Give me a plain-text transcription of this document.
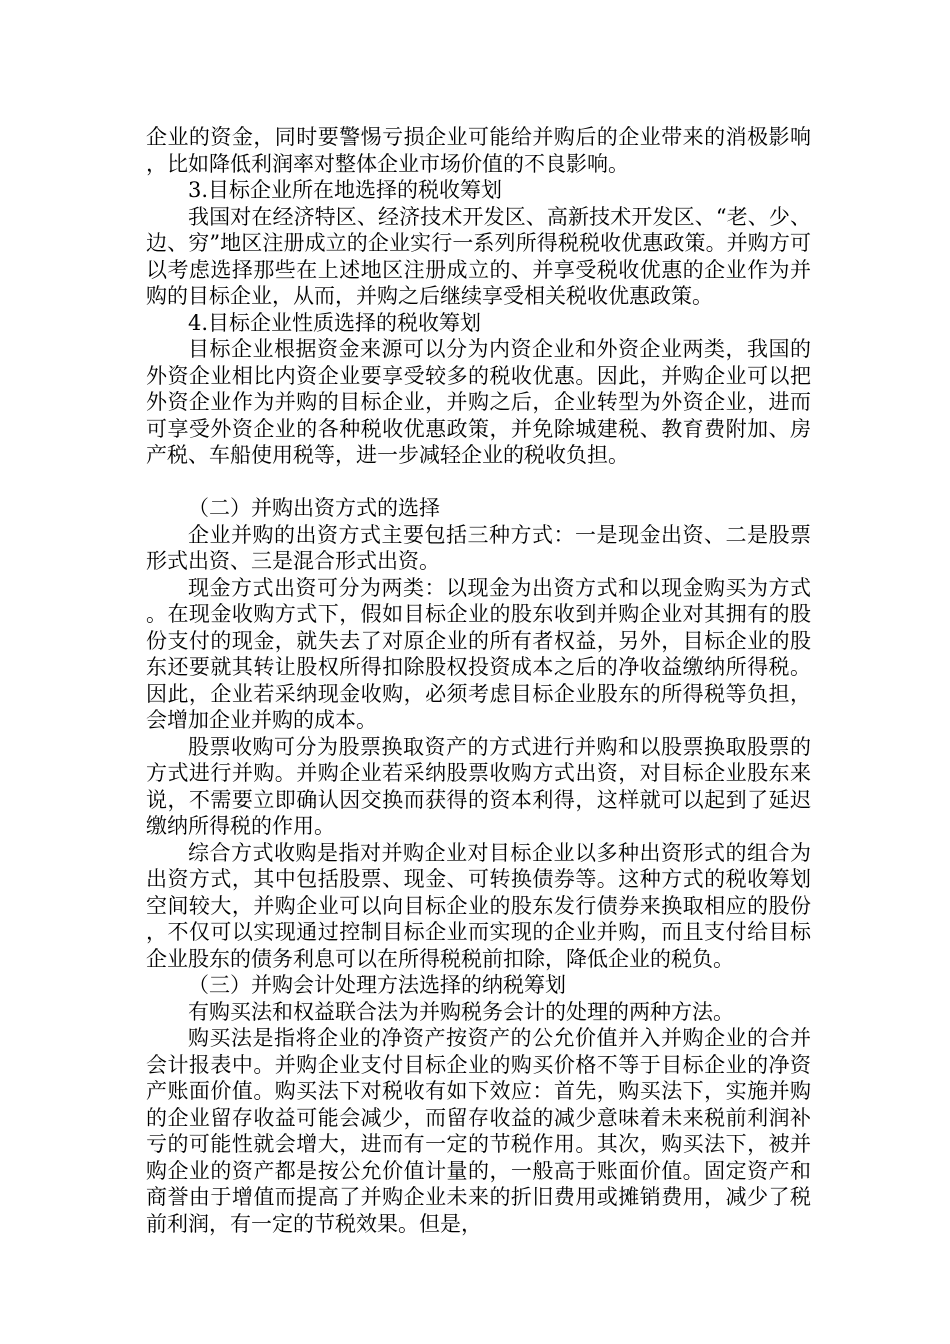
企业的资金，同时要警惕亏损企业可能给并购后的企业带来的消极影响，比如降低利润率对整体企业市场价值的不良影响。

3.目标企业所在地选择的税收筹划

我国对在经济特区、经济技术开发区、高新技术开发区、“老、少、边、穷”地区注册成立的企业实行一系列所得税税收优惠政策。并购方可以考虑选择那些在上述地区注册成立的、并享受税收优惠的企业作为并购的目标企业，从而，并购之后继续享受相关税收优惠政策。

4.目标企业性质选择的税收筹划

目标企业根据资金来源可以分为内资企业和外资企业两类，我国的外资企业相比内资企业要享受较多的税收优惠。因此，并购企业可以把外资企业作为并购的目标企业，并购之后，企业转型为外资企业，进而可享受外资企业的各种税收优惠政策，并免除城建税、教育费附加、房产税、车船使用税等，进一步减轻企业的税收负担。

（二）并购出资方式的选择

企业并购的出资方式主要包括三种方式：一是现金出资、二是股票形式出资、三是混合形式出资。

现金方式出资可分为两类：以现金为出资方式和以现金购买为方式。在现金收购方式下，假如目标企业的股东收到并购企业对其拥有的股份支付的现金，就失去了对原企业的所有者权益，另外，目标企业的股东还要就其转让股权所得扣除股权投资成本之后的净收益缴纳所得税。因此，企业若采纳现金收购，必须考虑目标企业股东的所得税等负担，会增加企业并购的成本。

股票收购可分为股票换取资产的方式进行并购和以股票换取股票的方式进行并购。并购企业若采纳股票收购方式出资，对目标企业股东来说，不需要立即确认因交换而获得的资本利得，这样就可以起到了延迟缴纳所得税的作用。

综合方式收购是指对并购企业对目标企业以多种出资形式的组合为出资方式，其中包括股票、现金、可转换债券等。这种方式的税收筹划空间较大，并购企业可以向目标企业的股东发行债券来换取相应的股份，不仅可以实现通过控制目标企业而实现的企业并购，而且支付给目标企业股东的债务利息可以在所得税税前扣除，降低企业的税负。

（三）并购会计处理方法选择的纳税筹划

有购买法和权益联合法为并购税务会计的处理的两种方法。

购买法是指将企业的净资产按资产的公允价值并入并购企业的合并会计报表中。并购企业支付目标企业的购买价格不等于目标企业的净资产账面价值。购买法下对税收有如下效应：首先，购买法下，实施并购的企业留存收益可能会减少，而留存收益的减少意味着未来税前利润补亏的可能性就会增大，进而有一定的节税作用。其次，购买法下，被并购企业的资产都是按公允价值计量的，一般高于账面价值。固定资产和商誉由于增值而提高了并购企业未来的折旧费用或摊销费用，减少了税前利润，有一定的节税效果。但是，
